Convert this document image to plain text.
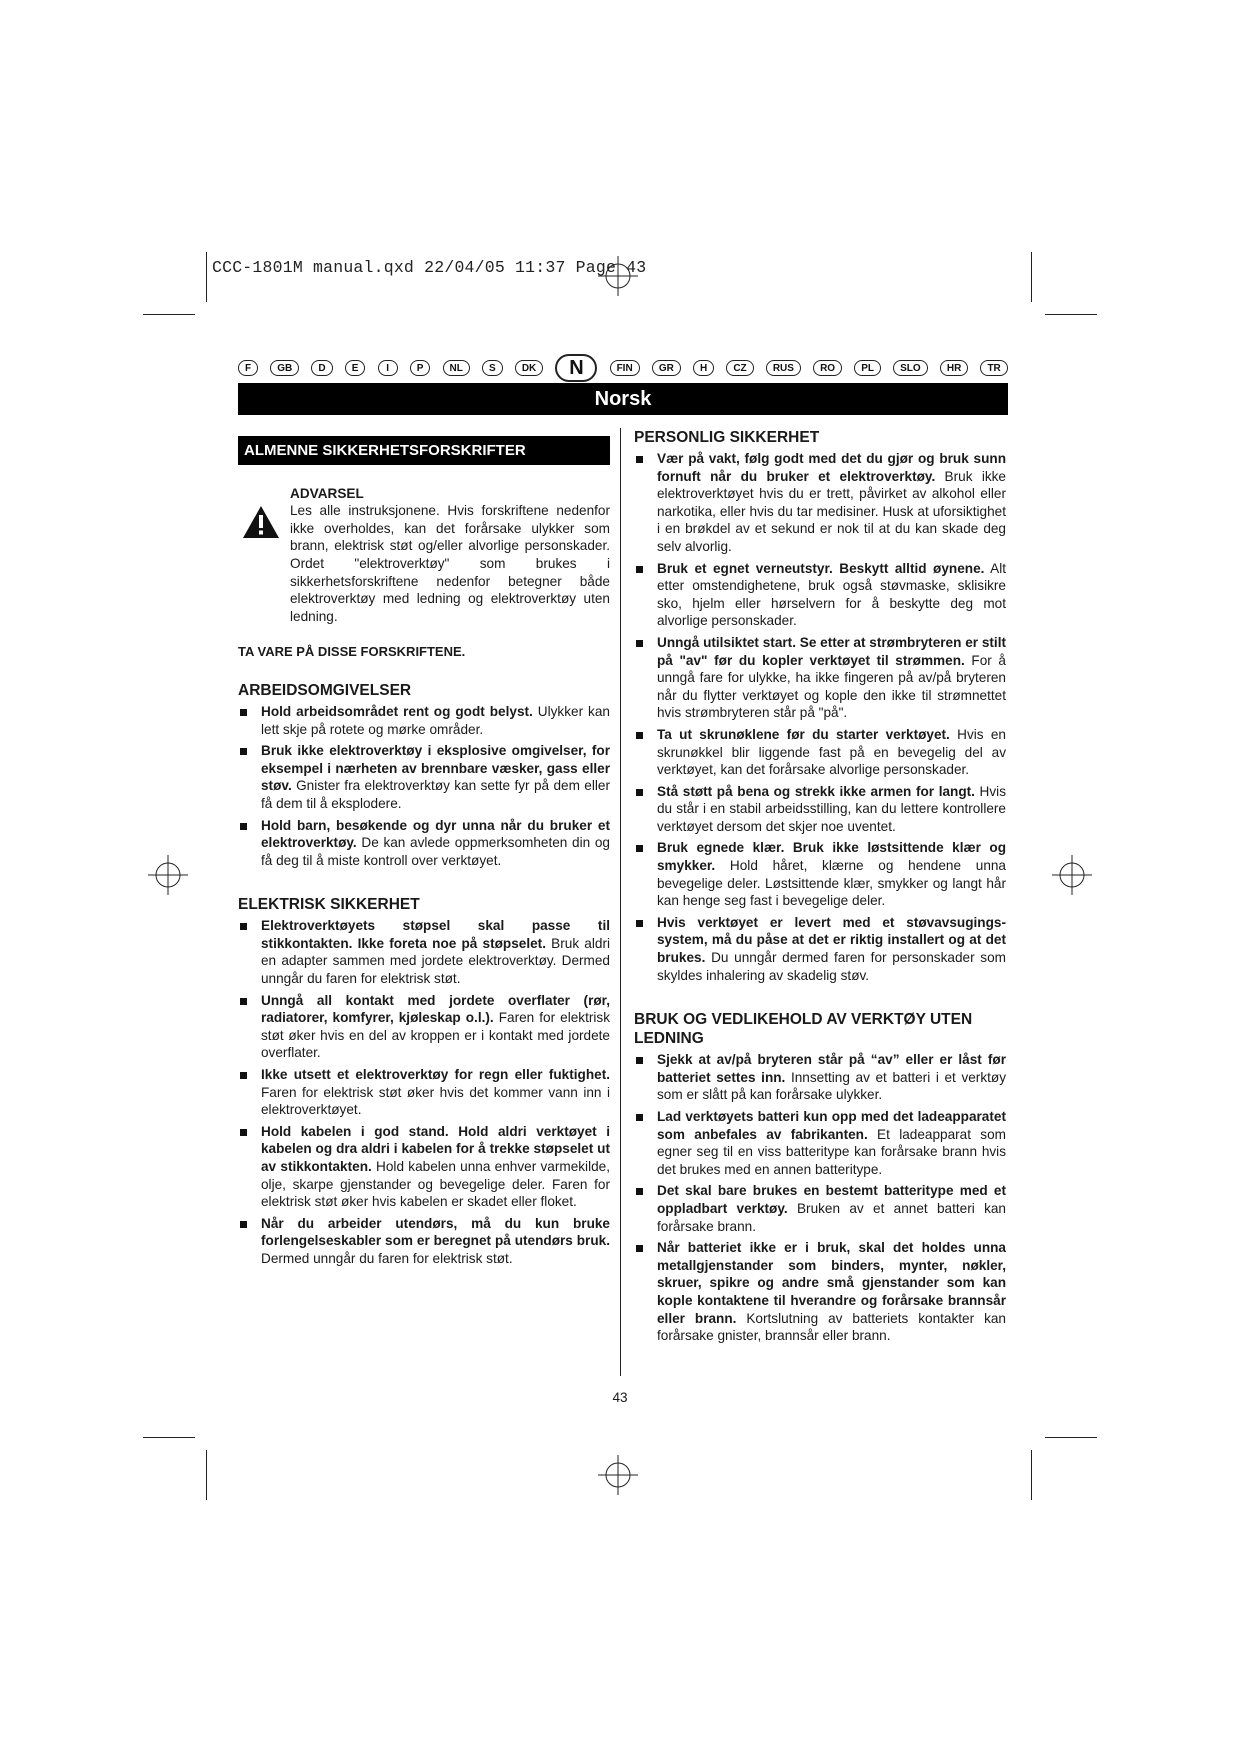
CCC-1801M manual.qxd 22/04/05 11:37 Page 43
F	GB	D	E	I	P	NL	S	DK	N	FIN	GR	H	CZ	RUS	RO	PL	SLO	HR	TR
Norsk
ALMENNE SIKKERHETSFORSKRIFTER
ADVARSEL
Les alle instruksjonene. Hvis forskriftene nedenfor ikke overholdes, kan det forårsake ulykker som brann, elektrisk støt og/eller alvorlige personskader. Ordet "elektroverktøy" som brukes i sikkerhetsforskriftene nedenfor betegner både elektroverktøy med ledning og elektroverktøy uten ledning.
TA VARE PÅ DISSE FORSKRIFTENE.
ARBEIDSOMGIVELSER
Hold arbeidsområdet rent og godt belyst. Ulykker kan lett skje på rotete og mørke områder.
Bruk ikke elektroverktøy i eksplosive omgivelser, for eksempel i nærheten av brennbare væsker, gass eller støv. Gnister fra elektroverktøy kan sette fyr på dem eller få dem til å eksplodere.
Hold barn, besøkende og dyr unna når du bruker et elektroverktøy. De kan avlede oppmerksomheten din og få deg til å miste kontroll over verktøyet.
ELEKTRISK SIKKERHET
Elektroverktøyets støpsel skal passe til stikkontakten. Ikke foreta noe på støpselet. Bruk aldri en adapter sammen med jordete elektroverktøy. Dermed unngår du faren for elektrisk støt.
Unngå all kontakt med jordete overflater (rør, radiatorer, komfyrer, kjøleskap o.l.). Faren for elektrisk støt øker hvis en del av kroppen er i kontakt med jordete overflater.
Ikke utsett et elektroverktøy for regn eller fuktighet. Faren for elektrisk støt øker hvis det kommer vann inn i elektroverktøyet.
Hold kabelen i god stand. Hold aldri verktøyet i kabelen og dra aldri i kabelen for å trekke støpselet ut av stikkontakten. Hold kabelen unna enhver varmekilde, olje, skarpe gjenstander og bevegelige deler. Faren for elektrisk støt øker hvis kabelen er skadet eller floket.
Når du arbeider utendørs, må du kun bruke forlengelseskabler som er beregnet på utendørs bruk. Dermed unngår du faren for elektrisk støt.
PERSONLIG SIKKERHET
Vær på vakt, følg godt med det du gjør og bruk sunn fornuft når du bruker et elektroverktøy. Bruk ikke elektroverktøyet hvis du er trett, påvirket av alkohol eller narkotika, eller hvis du tar medisiner. Husk at uforsiktighet i en brøkdel av et sekund er nok til at du kan skade deg selv alvorlig.
Bruk et egnet verneutstyr. Beskytt alltid øynene. Alt etter omstendighetene, bruk også støvmaske, sklisikre sko, hjelm eller hørselvern for å beskytte deg mot alvorlige personskader.
Unngå utilsiktet start. Se etter at strømbryteren er stilt på "av" før du kopler verktøyet til strømmen. For å unngå fare for ulykke, ha ikke fingeren på av/på bryteren når du flytter verktøyet og kople den ikke til strømnettet hvis strømbryteren står på "på".
Ta ut skrunøklene før du starter verktøyet. Hvis en skrunøkkel blir liggende fast på en bevegelig del av verktøyet, kan det forårsake alvorlige personskader.
Stå støtt på bena og strekk ikke armen for langt. Hvis du står i en stabil arbeidsstilling, kan du lettere kontrollere verktøyet dersom det skjer noe uventet.
Bruk egnede klær. Bruk ikke løstsittende klær og smykker. Hold håret, klærne og hendene unna bevegelige deler. Løstsittende klær, smykker og langt hår kan henge seg fast i bevegelige deler.
Hvis verktøyet er levert med et støvavsugings-system, må du påse at det er riktig installert og at det brukes. Du unngår dermed faren for personskader som skyldes inhalering av skadelig støv.
BRUK OG VEDLIKEHOLD AV VERKTØY UTEN LEDNING
Sjekk at av/på bryteren står på “av” eller er låst før batteriet settes inn. Innsetting av et batteri i et verktøy som er slått på kan forårsake ulykker.
Lad verktøyets batteri kun opp med det ladeapparatet som anbefales av fabrikanten. Et ladeapparat som egner seg til en viss batteritype kan forårsake brann hvis det brukes med en annen batteritype.
Det skal bare brukes en bestemt batteritype med et oppladbart verktøy. Bruken av et annet batteri kan forårsake brann.
Når batteriet ikke er i bruk, skal det holdes unna metallgjenstander som binders, mynter, nøkler, skruer, spikre og andre små gjenstander som kan kople kontaktene til hverandre og forårsake brannsår eller brann. Kortslutning av batteriets kontakter kan forårsake gnister, brannsår eller brann.
43
